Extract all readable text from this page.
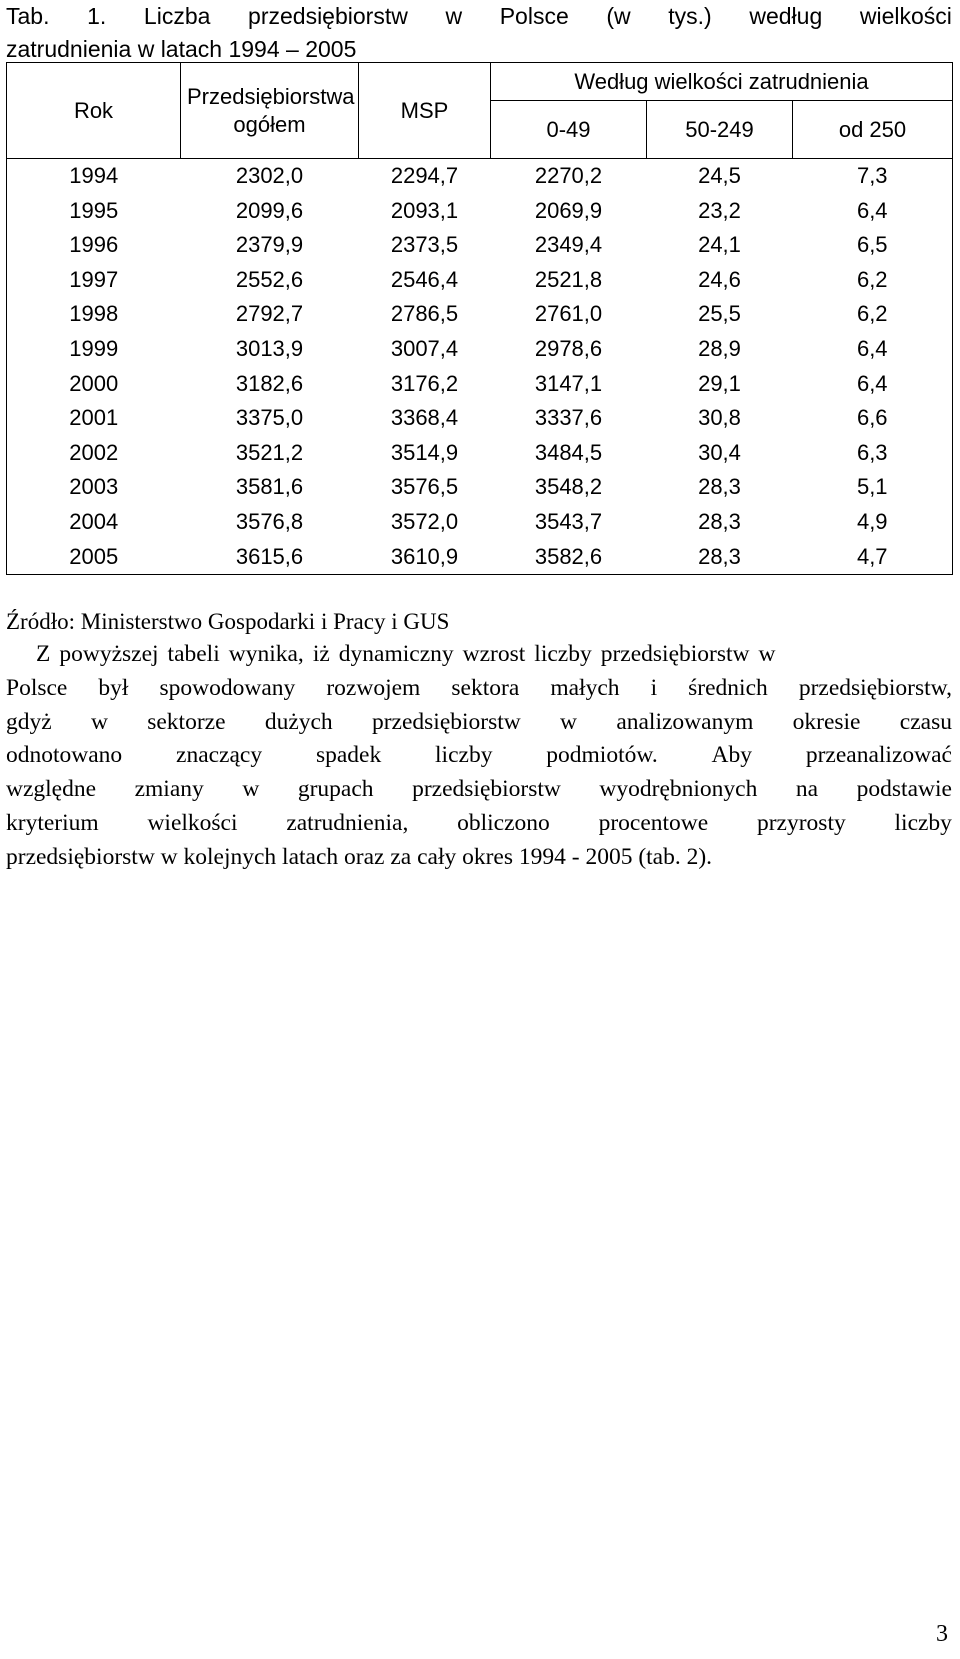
Tab. 1. Liczba przedsiębiorstw w Polsce (w tys.) według wielkości
zatrudnienia w latach 1994 – 2005
Rok	Przedsiębiorstwa ogółem	MSP	Według wielkości zatrudnienia		
			0-49	50-249	od 250
1994	2302,0	2294,7	2270,2	24,5	7,3
1995	2099,6	2093,1	2069,9	23,2	6,4
1996	2379,9	2373,5	2349,4	24,1	6,5
1997	2552,6	2546,4	2521,8	24,6	6,2
1998	2792,7	2786,5	2761,0	25,5	6,2
1999	3013,9	3007,4	2978,6	28,9	6,4
2000	3182,6	3176,2	3147,1	29,1	6,4
2001	3375,0	3368,4	3337,6	30,8	6,6
2002	3521,2	3514,9	3484,5	30,4	6,3
2003	3581,6	3576,5	3548,2	28,3	5,1
2004	3576,8	3572,0	3543,7	28,3	4,9
2005	3615,6	3610,9	3582,6	28,3	4,7
Źródło: Ministerstwo Gospodarki i Pracy i GUS
Z powyższej tabeli wynika, iż dynamiczny wzrost liczby przedsiębiorstw w
Polsce był spowodowany rozwojem sektora małych i średnich przedsiębiorstw,
gdyż w sektorze dużych przedsiębiorstw w analizowanym okresie czasu
odnotowano znaczący spadek liczby podmiotów. Aby przeanalizować
względne zmiany w grupach przedsiębiorstw wyodrębnionych na podstawie
kryterium wielkości zatrudnienia, obliczono procentowe przyrosty liczby
przedsiębiorstw w kolejnych latach oraz za cały okres 1994 - 2005 (tab. 2).
3
